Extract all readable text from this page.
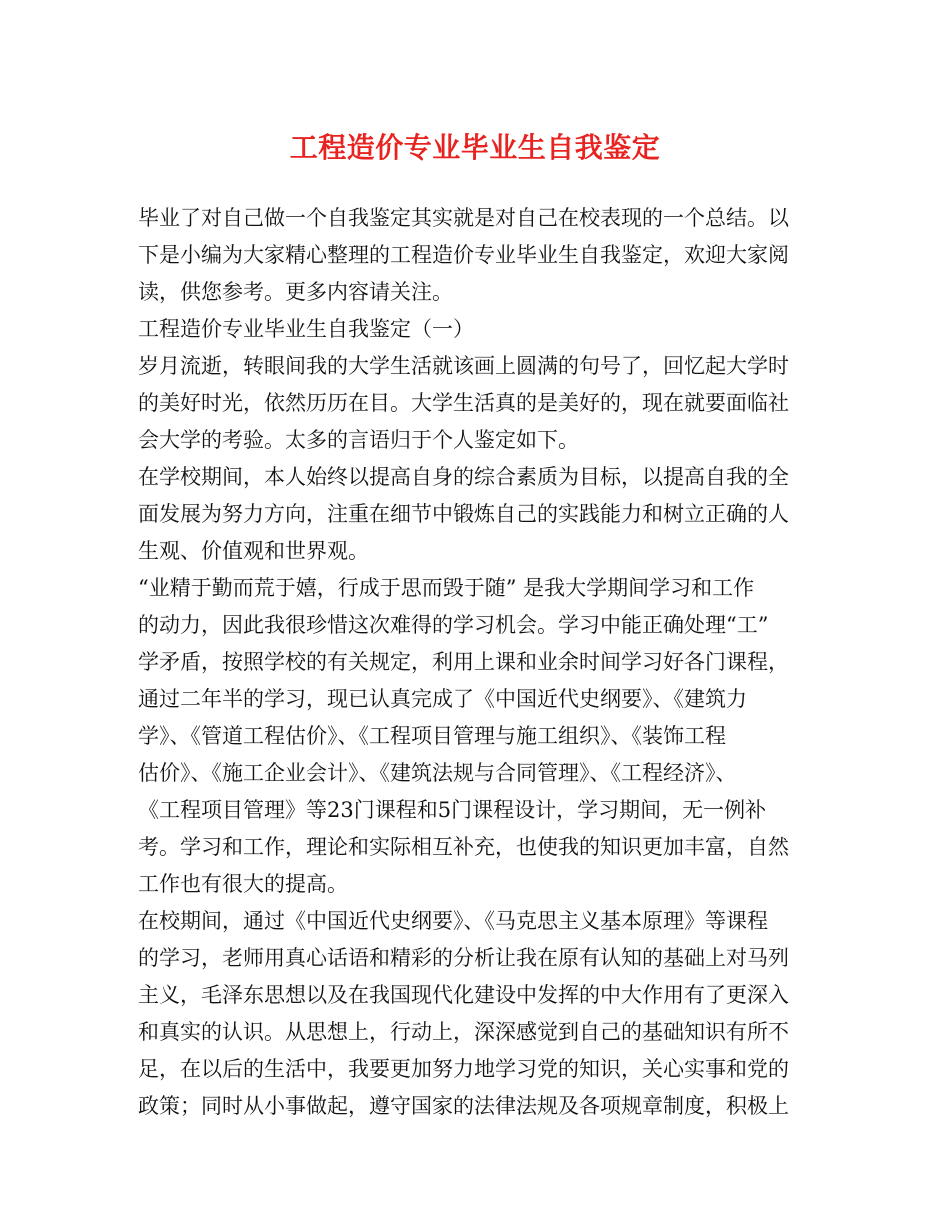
工程造价专业毕业生自我鉴定
毕业了对自己做一个自我鉴定其实就是对自己在校表现的一个总结。以
下是小编为大家精心整理的工程造价专业毕业生自我鉴定，欢迎大家阅
读，供您参考。更多内容请关注。
工程造价专业毕业生自我鉴定（一）
岁月流逝，转眼间我的大学生活就该画上圆满的句号了，回忆起大学时
的美好时光，依然历历在目。大学生活真的是美好的，现在就要面临社
会大学的考验。太多的言语归于个人鉴定如下。
在学校期间，本人始终以提高自身的综合素质为目标，以提高自我的全
面发展为努力方向，注重在细节中锻炼自己的实践能力和树立正确的人
生观、价值观和世界观。
“业精于勤而荒于嬉，行成于思而毁于随” 是我大学期间学习和工作
的动力，因此我很珍惜这次难得的学习机会。学习中能正确处理“工”
学矛盾，按照学校的有关规定，利用上课和业余时间学习好各门课程，
通过二年半的学习，现已认真完成了《中国近代史纲要》、《建筑力
学》、《管道工程估价》、《工程项目管理与施工组织》、《装饰工程
估价》、《施工企业会计》、《建筑法规与合同管理》、《工程经济》、
《工程项目管理》等23门课程和5门课程设计，学习期间，无一例补
考。学习和工作，理论和实际相互补充，也使我的知识更加丰富，自然
工作也有很大的提高。
在校期间，通过《中国近代史纲要》、《马克思主义基本原理》等课程
的学习，老师用真心话语和精彩的分析让我在原有认知的基础上对马列
主义，毛泽东思想以及在我国现代化建设中发挥的中大作用有了更深入
和真实的认识。从思想上，行动上，深深感觉到自己的基础知识有所不
足，在以后的生活中，我要更加努力地学习党的知识，关心实事和党的
政策；同时从小事做起，遵守国家的法律法规及各项规章制度，积极上
